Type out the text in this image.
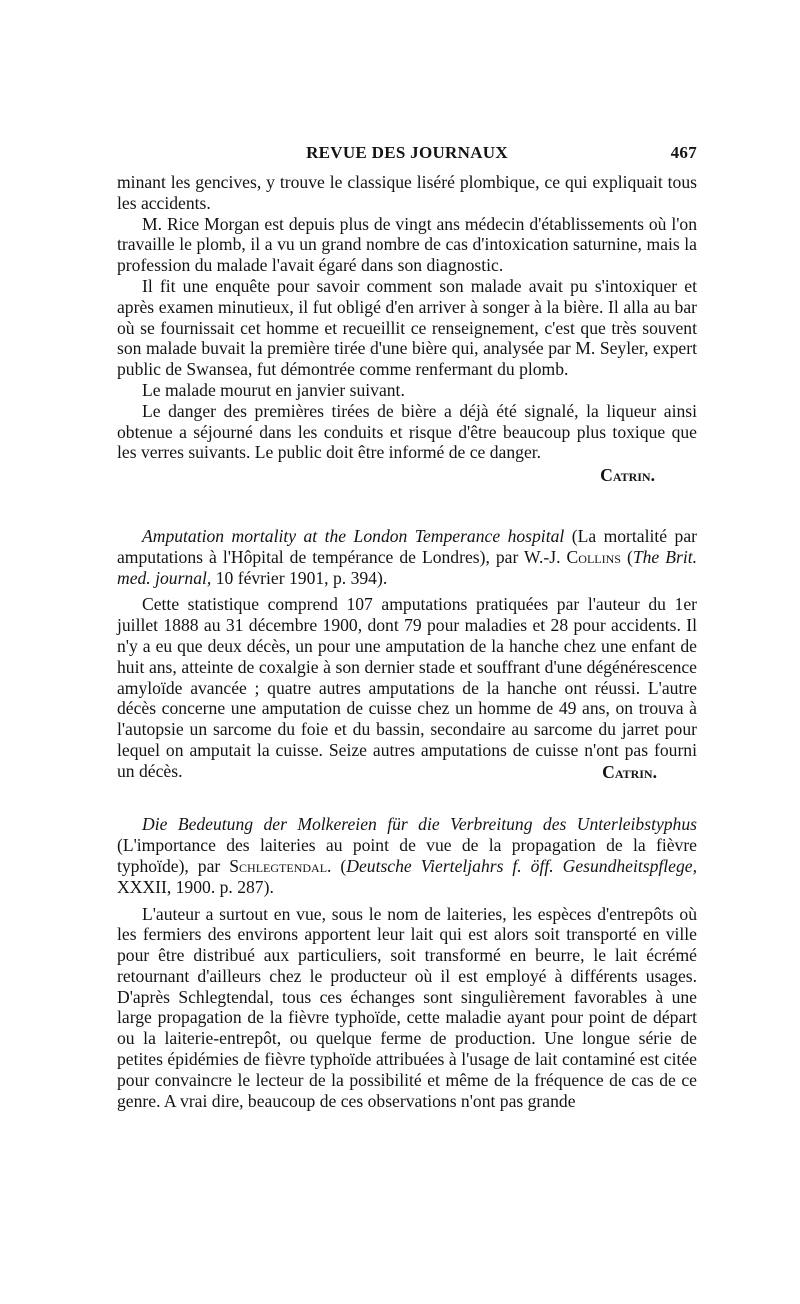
REVUE DES JOURNAUX	467

minant les gencives, y trouve le classique liséré plombique, ce qui expliquait tous les accidents.

M. Rice Morgan est depuis plus de vingt ans médecin d'établissements où l'on travaille le plomb, il a vu un grand nombre de cas d'intoxication saturnine, mais la profession du malade l'avait égaré dans son diagnostic.

Il fit une enquête pour savoir comment son malade avait pu s'intoxiquer et après examen minutieux, il fut obligé d'en arriver à songer à la bière. Il alla au bar où se fournissait cet homme et recueillit ce renseignement, c'est que très souvent son malade buvait la première tirée d'une bière qui, analysée par M. Seyler, expert public de Swansea, fut démontrée comme renfermant du plomb.

Le malade mourut en janvier suivant.

Le danger des premières tirées de bière a déjà été signalé, la liqueur ainsi obtenue a séjourné dans les conduits et risque d'être beaucoup plus toxique que les verres suivants. Le public doit être informé de ce danger.

Catrin.

Amputation mortality at the London Temperance hospital (La mortalité par amputations à l'Hôpital de tempérance de Londres), par W.-J. Collins (The Brit. med. journal, 10 février 1901, p. 394).

Cette statistique comprend 107 amputations pratiquées par l'auteur du 1er juillet 1888 au 31 décembre 1900, dont 79 pour maladies et 28 pour accidents. Il n'y a eu que deux décès, un pour une amputation de la hanche chez une enfant de huit ans, atteinte de coxalgie à son dernier stade et souffrant d'une dégénérescence amyloïde avancée ; quatre autres amputations de la hanche ont réussi. L'autre décès concerne une amputation de cuisse chez un homme de 49 ans, on trouva à l'autopsie un sarcome du foie et du bassin, secondaire au sarcome du jarret pour lequel on amputait la cuisse. Seize autres amputations de cuisse n'ont pas fourni un décès.	Catrin.

Die Bedeutung der Molkereien für die Verbreitung des Unterleibstyphus (L'importance des laiteries au point de vue de la propagation de la fièvre typhoïde), par Schlegtendal. (Deutsche Vierteljahrs f. öff. Gesundheitspflege, XXXII, 1900. p. 287).

L'auteur a surtout en vue, sous le nom de laiteries, les espèces d'entrepôts où les fermiers des environs apportent leur lait qui est alors soit transporté en ville pour être distribué aux particuliers, soit transformé en beurre, le lait écrémé retournant d'ailleurs chez le producteur où il est employé à différents usages. D'après Schlegtendal, tous ces échanges sont singulièrement favorables à une large propagation de la fièvre typhoïde, cette maladie ayant pour point de départ ou la laiterie-entrepôt, ou quelque ferme de production. Une longue série de petites épidémies de fièvre typhoïde attribuées à l'usage de lait contaminé est citée pour convaincre le lecteur de la possibilité et même de la fréquence de cas de ce genre. A vrai dire, beaucoup de ces observations n'ont pas grande
